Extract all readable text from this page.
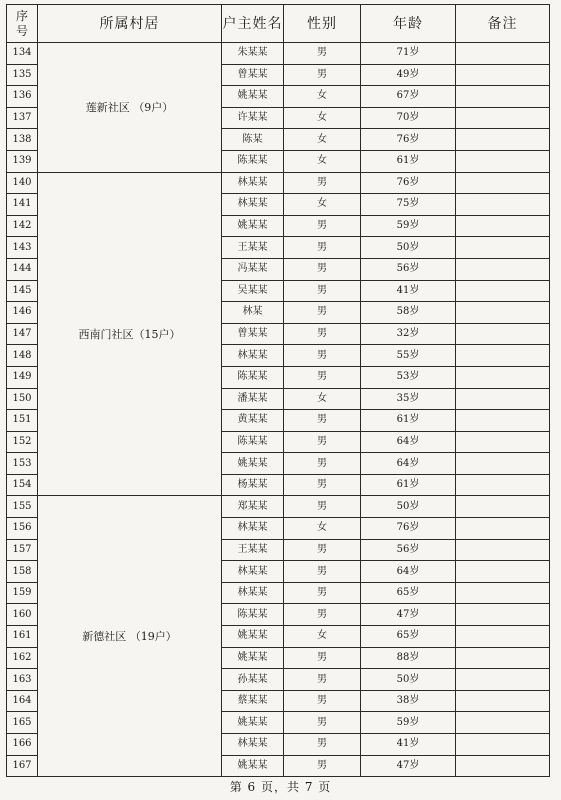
序
号	所属村居	户主姓名	性别	年龄	备注
134	莲新社区 （9户）	朱某某	男	71岁	
135		曾某某	男	49岁	
136		姚某某	女	67岁	
137		许某某	女	70岁	
138		陈某	女	76岁	
139		陈某某	女	61岁	
140	西南门社区（15户）	林某某	男	76岁	
141		林某某	女	75岁	
142		姚某某	男	59岁	
143		王某某	男	50岁	
144		冯某某	男	56岁	
145		吴某某	男	41岁	
146		林某	男	58岁	
147		曾某某	男	32岁	
148		林某某	男	55岁	
149		陈某某	男	53岁	
150		潘某某	女	35岁	
151		黄某某	男	61岁	
152		陈某某	男	64岁	
153		姚某某	男	64岁	
154		杨某某	男	61岁	
155	新德社区 （19户）	郑某某	男	50岁	
156		林某某	女	76岁	
157		王某某	男	56岁	
158		林某某	男	64岁	
159		林某某	男	65岁	
160		陈某某	男	47岁	
161		姚某某	女	65岁	
162		姚某某	男	88岁	
163		孙某某	男	50岁	
164		蔡某某	男	38岁	
165		姚某某	男	59岁	
166		林某某	男	41岁	
167		姚某某	男	47岁	
第 6 页，共 7 页
